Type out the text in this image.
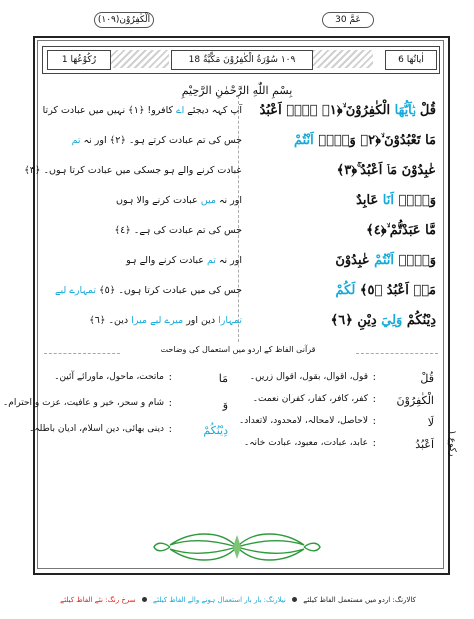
اَلْكٰفِرُوْن(١٠٩)	عَمَّ 30
رُكُوْعُھَا 1	١٠٩ سُوْرَةُ الْكٰفِرُوْنَ مَكِّيَّةٌ 18	اٰیاتُھَا 6
بِسْمِ اللّٰهِ الرَّحْمٰنِ الرَّحِیْمِ
قُلْ يٰۤاَيُّهَا الْكٰفِرُوْنَ ۙ﴿١﴾ لَاۤ اَعْبُدُ
آپ کہہ دیجئے اے کافرو! ﴿١﴾ نہیں میں عبادت کرتا
مَا تَعْبُدُوْنَ ۙ﴿٢﴾ وَلَاۤ اَنْتُمْ
جس کی تم عبادت کرتے ہو۔ ﴿٢﴾ اور نہ تم
عٰبِدُوْنَ مَاۤ اَعْبُدُ ۚ﴿٣﴾
عبادت کرنے والے ہو جسکی میں عبادت کرتا ہوں۔ ﴿٣﴾
وَلَاۤ اَنَا عَابِدٌ
اور نہ میں عبادت کرنے والا ہوں
مَّا عَبَدْتُّمْ ۙ﴿٤﴾
جس کی تم عبادت کی ہے۔ ﴿٤﴾
وَلَاۤ اَنْتُمْ عٰبِدُوْنَ
اور نہ تم عبادت کرنے والے ہو
مَاۤ اَعْبُدُ ﴿٥﴾ لَكُمْ
جس کی میں عبادت کرتا ہوں۔ ﴿٥﴾ تمہارے لیے
دِيْنُكُمْ وَلِيَ دِيْنِ ﴿٦﴾
تمہارا دین اور میرے لیے میرا دین۔ ﴿٦﴾
قرآنی الفاظ کے اردو میں استعمال کی وضاحت
قُلْ
:
قول، اقوال، بقول، اقوال زریں۔
الْكٰفِرُوْنَ
:
کفر، کافر، کفار، کفران نعمت۔
لَا
:
لاحاصل، لامحالہ، لامحدود، لاتعداد۔
اَعْبُدُ
:
عابد، عبادت، معبود، عبادت خانہ۔
مَا
:
ماتحت، ماحول، ماورائے آئین۔
وَ
:
شام و سحر، خیر و عافیت، عزت و احترام۔
دِيْنُكُمْ
:
دینی بھائی، دین اسلام، ادیان باطلہ۔	رکوع ۱
کالارنگ: اردو میں مستعمل الفاظ کیلئے  نیلارنگ: بار بار استعمال ہونے والے الفاظ کیلئے  سرخ رنگ: نئے الفاظ کیلئے
